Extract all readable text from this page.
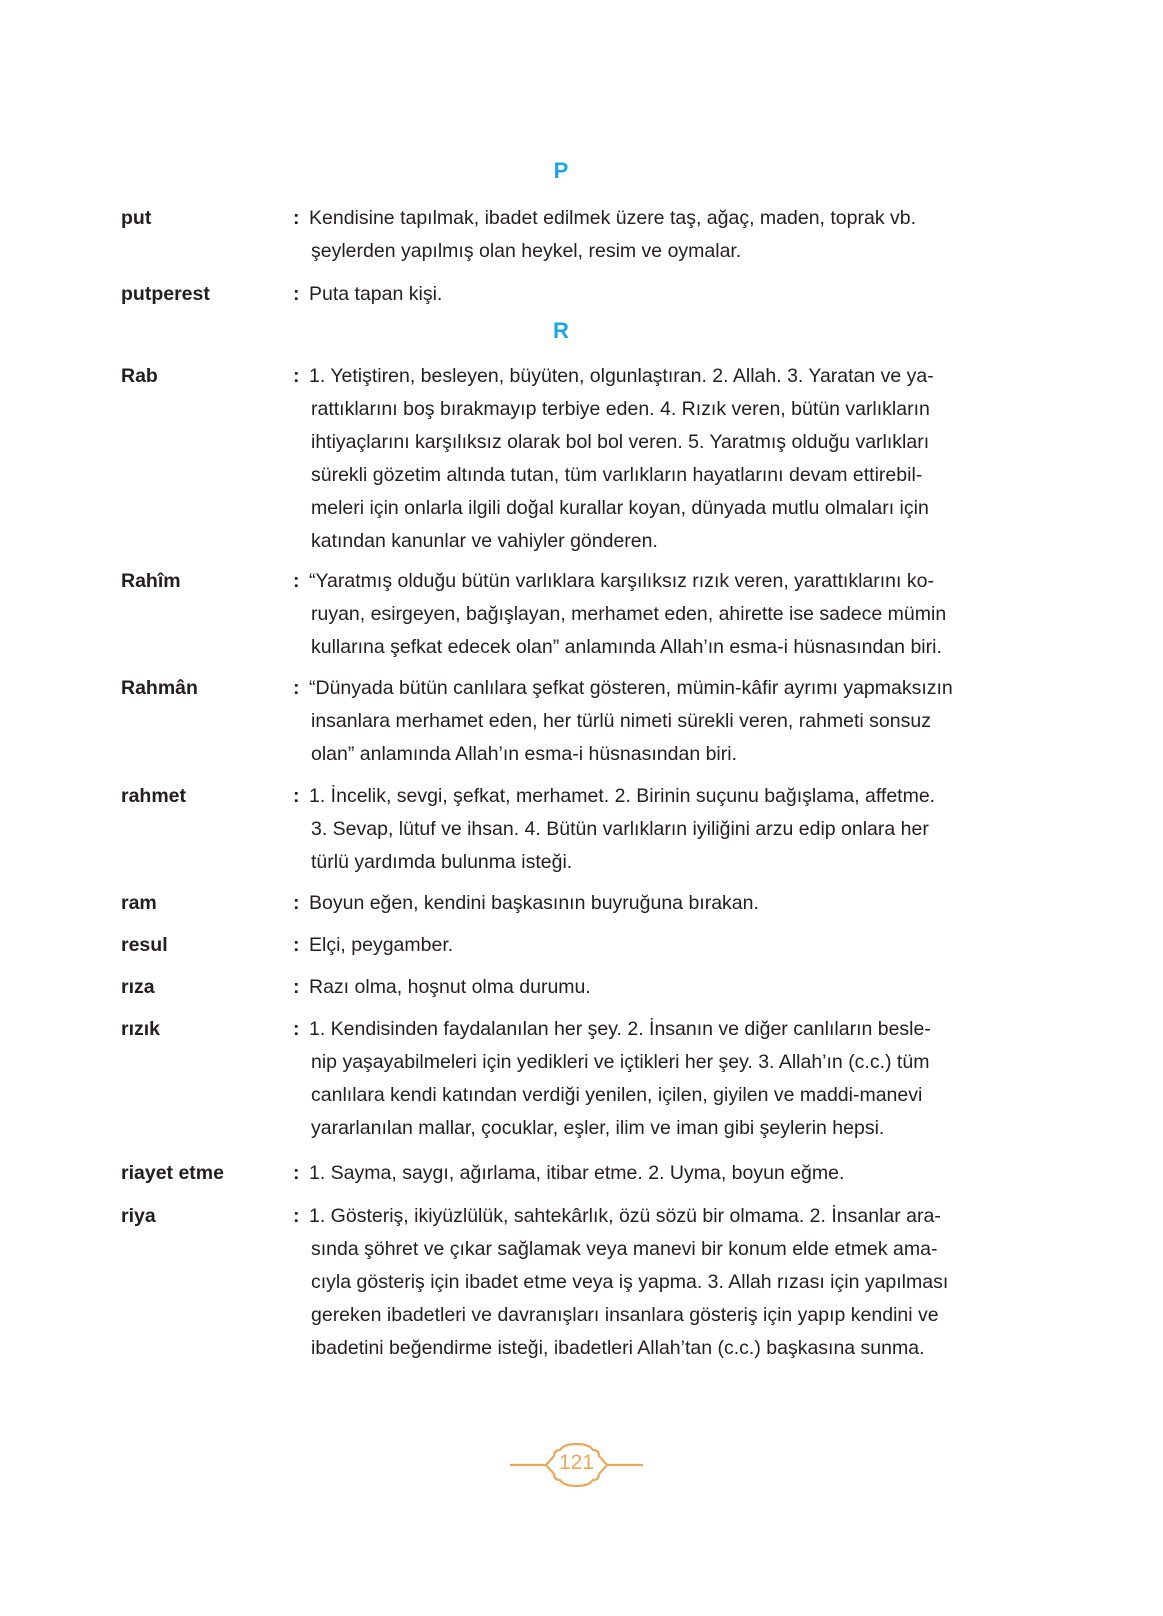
P
R
put	: Kendisine tapılmak, ibadet edilmek üzere taş, ağaç, maden, toprak vb.
şeylerden yapılmış olan heykel, resim ve oymalar.
putperest	: Puta tapan kişi.
Rab	: 1. Yetiştiren, besleyen, büyüten, olgunlaştıran. 2. Allah. 3. Yaratan ve ya-
rattıklarını boş bırakmayıp terbiye eden. 4. Rızık veren, bütün varlıkların
ihtiyaçlarını karşılıksız olarak bol bol veren. 5. Yaratmış olduğu varlıkları
sürekli gözetim altında tutan, tüm varlıkların hayatlarını devam ettirebil-
meleri için onlarla ilgili doğal kurallar koyan, dünyada mutlu olmaları için
katından kanunlar ve vahiyler gönderen.
Rahîm	: “Yaratmış olduğu bütün varlıklara karşılıksız rızık veren, yarattıklarını ko-
ruyan, esirgeyen, bağışlayan, merhamet eden, ahirette ise sadece mümin
kullarına şefkat edecek olan” anlamında Allah’ın esma-i hüsnasından biri.
Rahmân	: “Dünyada bütün canlılara şefkat gösteren, mümin-kâfir ayrımı yapmaksızın
insanlara merhamet eden, her türlü nimeti sürekli veren, rahmeti sonsuz
olan” anlamında Allah’ın esma-i hüsnasından biri.
rahmet	: 1. İncelik, sevgi, şefkat, merhamet. 2. Birinin suçunu bağışlama, affetme.
3. Sevap, lütuf ve ihsan. 4. Bütün varlıkların iyiliğini arzu edip onlara her
türlü yardımda bulunma isteği.
ram	: Boyun eğen, kendini başkasının buyruğuna bırakan.
resul	: Elçi, peygamber.
rıza	: Razı olma, hoşnut olma durumu.
rızık	: 1. Kendisinden faydalanılan her şey. 2. İnsanın ve diğer canlıların besle-
nip yaşayabilmeleri için yedikleri ve içtikleri her şey. 3. Allah’ın (c.c.) tüm
canlılara kendi katından verdiği yenilen, içilen, giyilen ve maddi-manevi
yararlanılan mallar, çocuklar, eşler, ilim ve iman gibi şeylerin hepsi.
riayet etme	: 1. Sayma, saygı, ağırlama, itibar etme. 2. Uyma, boyun eğme.
riya	: 1. Gösteriş, ikiyüzlülük, sahtekârlık, özü sözü bir olmama. 2. İnsanlar ara-
sında şöhret ve çıkar sağlamak veya manevi bir konum elde etmek ama-
cıyla gösteriş için ibadet etme veya iş yapma. 3. Allah rızası için yapılması
gereken ibadetleri ve davranışları insanlara gösteriş için yapıp kendini ve
ibadetini beğendirme isteği, ibadetleri Allah’tan (c.c.) başkasına sunma.
121
